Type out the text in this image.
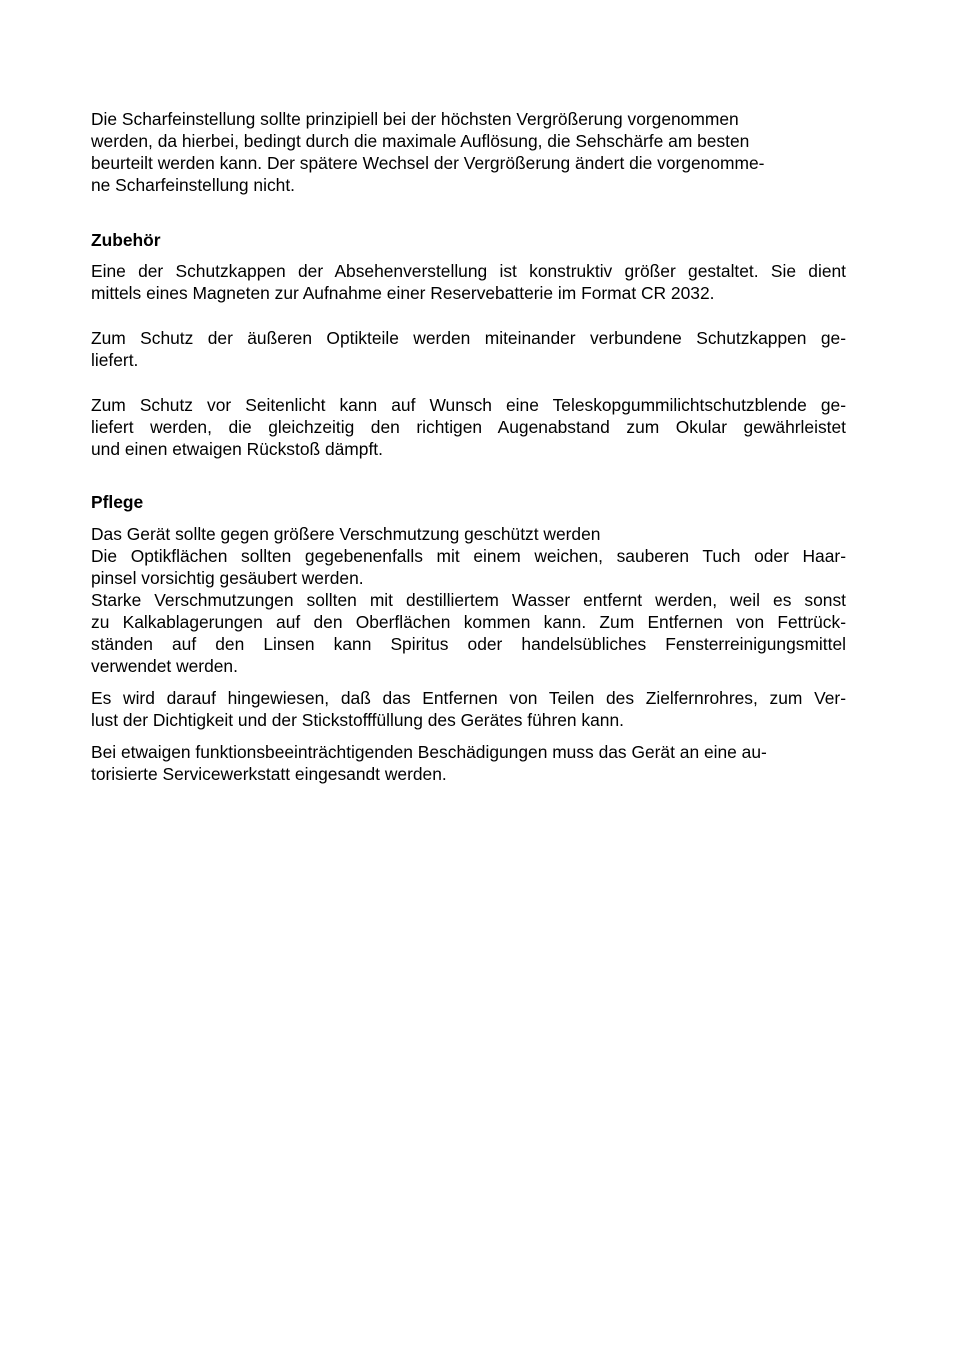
Die Scharfeinstellung sollte prinzipiell bei der höchsten Vergrößerung vorgenommen
werden, da hierbei, bedingt durch die maximale Auflösung, die Sehschärfe am besten
beurteilt werden kann. Der spätere Wechsel der Vergrößerung ändert die vorgenomme-
ne Scharfeinstellung nicht.
Zubehör
Eine der Schutzkappen der Absehenverstellung ist konstruktiv größer gestaltet. Sie dient
mittels eines Magneten zur Aufnahme einer Reservebatterie im Format CR 2032.
Zum Schutz der äußeren Optikteile werden miteinander verbundene Schutzkappen ge-
liefert.
Zum Schutz vor Seitenlicht kann auf Wunsch eine Teleskopgummilichtschutzblende ge-
liefert werden, die gleichzeitig den richtigen Augenabstand zum Okular gewährleistet
und einen etwaigen Rückstoß dämpft.
Pflege
Das Gerät sollte gegen größere Verschmutzung geschützt werden
Die Optikflächen sollten gegebenenfalls mit einem weichen, sauberen Tuch oder Haar-
pinsel vorsichtig gesäubert werden.
Starke Verschmutzungen sollten mit destilliertem Wasser entfernt werden, weil es sonst
zu Kalkablagerungen auf den Oberflächen kommen kann. Zum Entfernen von Fettrück-
ständen auf den Linsen kann Spiritus oder handelsübliches Fensterreinigungsmittel
verwendet werden.
Es wird darauf hingewiesen, daß das Entfernen von Teilen des Zielfernrohres, zum Ver-
lust der Dichtigkeit und der Stickstofffüllung des Gerätes führen kann.
Bei etwaigen funktionsbeeinträchtigenden Beschädigungen muss das Gerät an eine au-
torisierte Servicewerkstatt eingesandt werden.
